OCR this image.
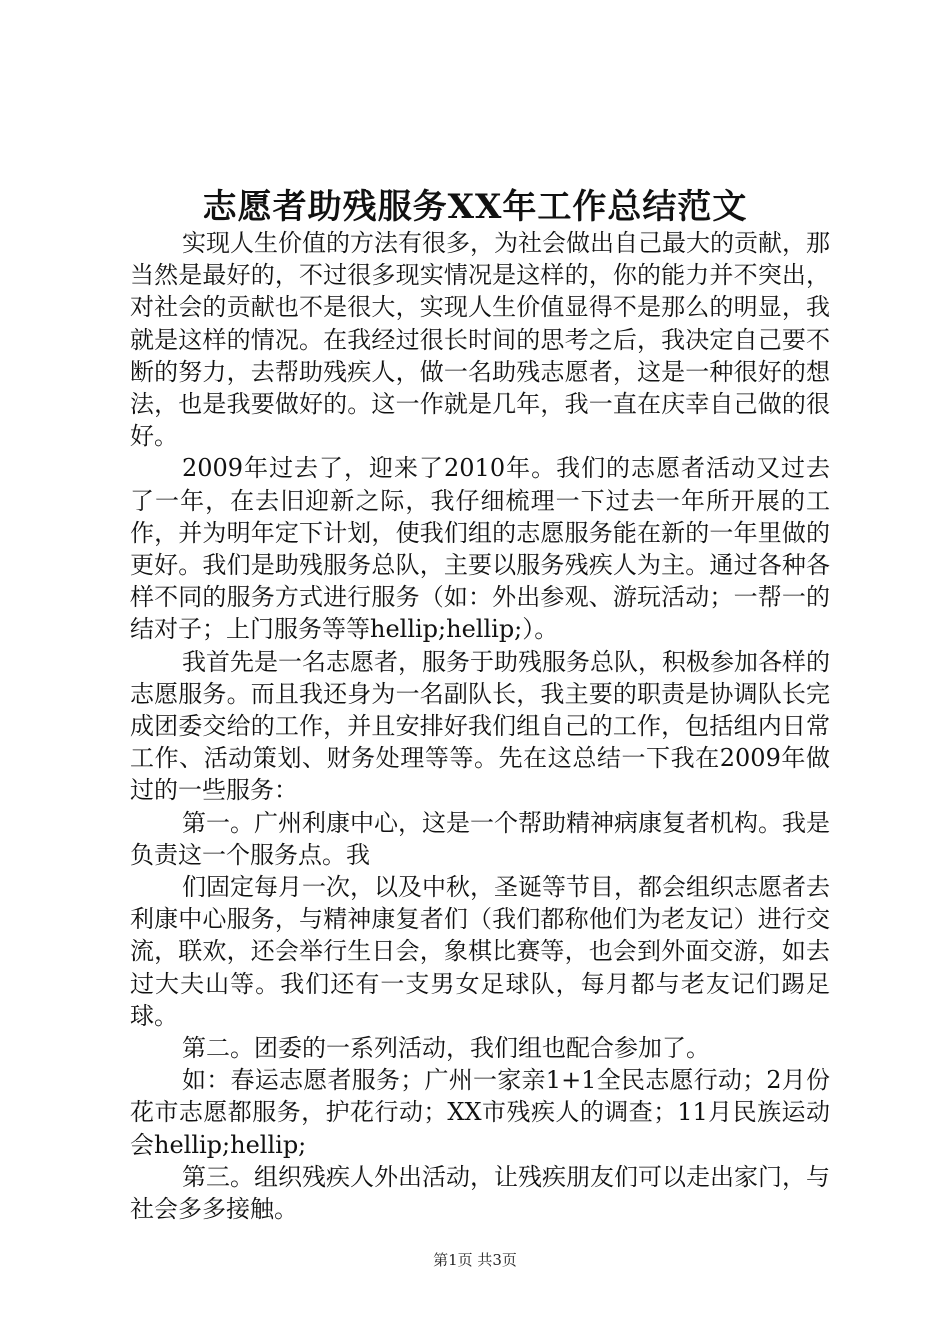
志愿者助残服务XX年工作总结范文

实现人生价值的方法有很多，为社会做出自己最大的贡献，那当然是最好的，不过很多现实情况是这样的，你的能力并不突出，对社会的贡献也不是很大，实现人生价值显得不是那么的明显，我就是这样的情况。在我经过很长时间的思考之后，我决定自己要不断的努力，去帮助残疾人，做一名助残志愿者，这是一种很好的想法，也是我要做好的。这一作就是几年，我一直在庆幸自己做的很好。

2009年过去了，迎来了2010年。我们的志愿者活动又过去了一年，在去旧迎新之际，我仔细梳理一下过去一年所开展的工作，并为明年定下计划，使我们组的志愿服务能在新的一年里做的更好。我们是助残服务总队，主要以服务残疾人为主。通过各种各样不同的服务方式进行服务（如：外出参观、游玩活动；一帮一的结对子；上门服务等等hellip;hellip;）。

我首先是一名志愿者，服务于助残服务总队，积极参加各样的志愿服务。而且我还身为一名副队长，我主要的职责是协调队长完成团委交给的工作，并且安排好我们组自己的工作，包括组内日常工作、活动策划、财务处理等等。先在这总结一下我在2009年做过的一些服务：

第一。广州利康中心，这是一个帮助精神病康复者机构。我是负责这一个服务点。我

们固定每月一次，以及中秋，圣诞等节目，都会组织志愿者去利康中心服务，与精神康复者们（我们都称他们为老友记）进行交流，联欢，还会举行生日会，象棋比赛等，也会到外面交游，如去过大夫山等。我们还有一支男女足球队，每月都与老友记们踢足球。

第二。团委的一系列活动，我们组也配合参加了。

如：春运志愿者服务；广州一家亲1+1全民志愿行动；2月份花市志愿都服务，护花行动；XX市残疾人的调查；11月民族运动会hellip;hellip;

第三。组织残疾人外出活动，让残疾朋友们可以走出家门，与社会多多接触。

第1页 共3页
